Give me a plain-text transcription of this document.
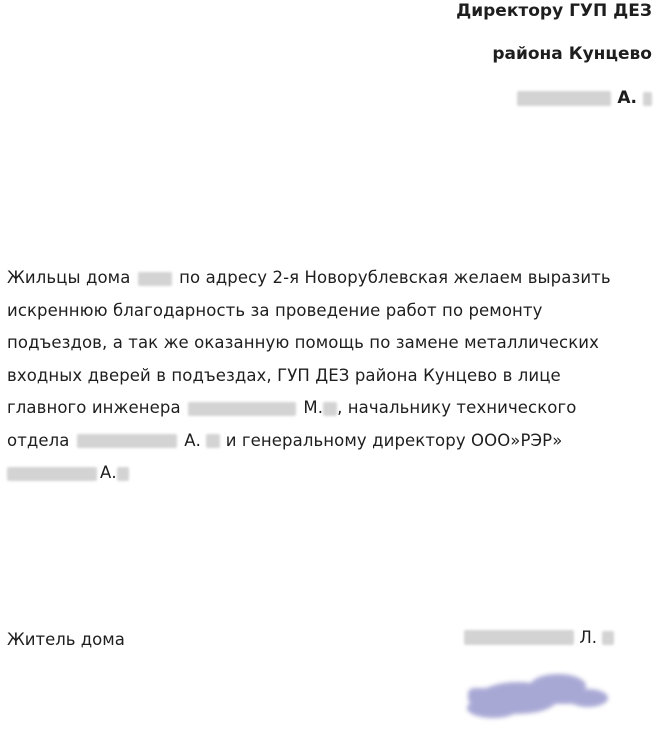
Директору ГУП ДЕЗ
района Кунцево
А.
Жильцы дома	по адресу 2-я Новорублевская желаем выразить
искреннюю благодарность за проведение работ по ремонту
подъездов, а так же оказанную помощь по замене металлических
входных дверей в подъездах, ГУП ДЕЗ района Кунцево в лице
главного инженера	М. , начальнику технического
отдела	А. и генеральному директору ООО»РЭР»
А.
Житель дома	Л.
